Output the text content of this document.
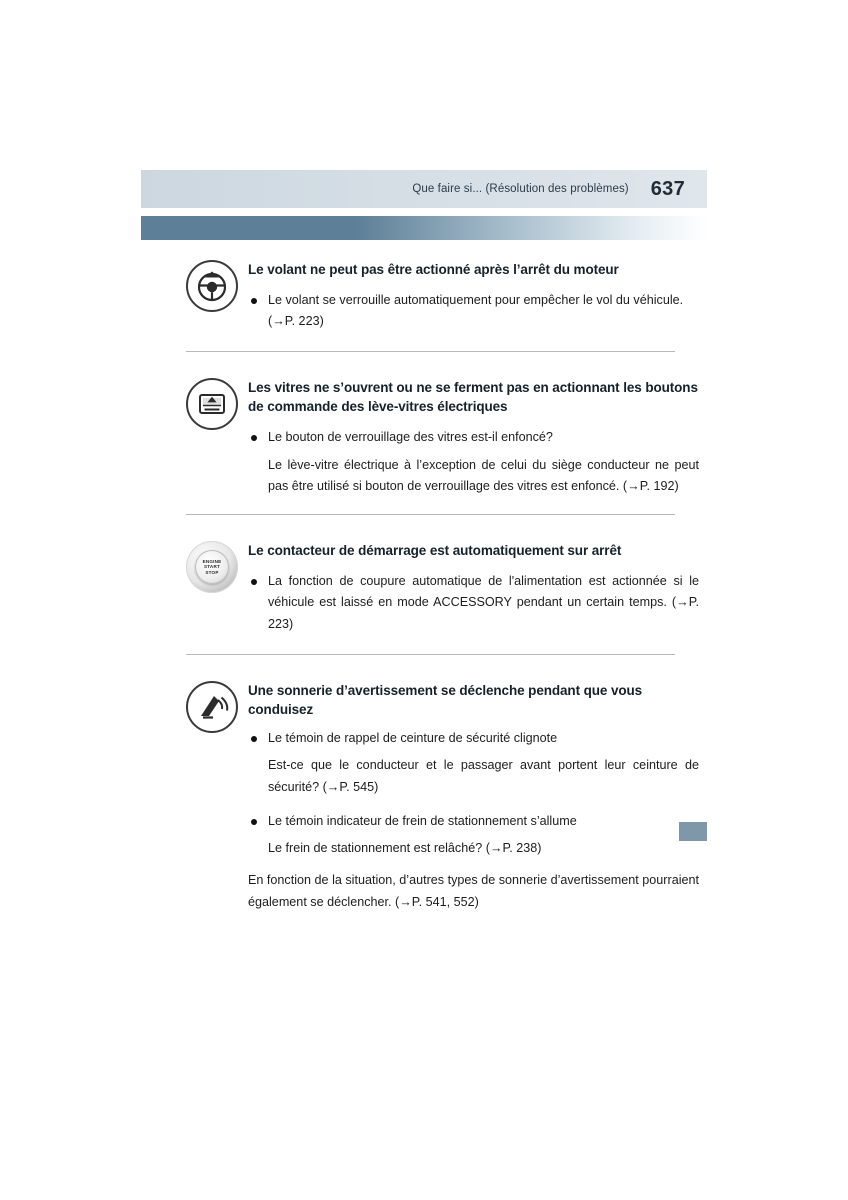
Que faire si... (Résolution des problèmes) 637
Le volant ne peut pas être actionné après l’arrêt du moteur
Le volant se verrouille automatiquement pour empêcher le vol du véhicule. (→P. 223)
Les vitres ne s’ouvrent ou ne se ferment pas en actionnant les boutons de commande des lève-vitres électriques
Le bouton de verrouillage des vitres est-il enfoncé?
Le lève-vitre électrique à l’exception de celui du siège conducteur ne peut pas être utilisé si bouton de verrouillage des vitres est enfoncé. (→P. 192)
ENGINE
START
STOP
Le contacteur de démarrage est automatiquement sur arrêt
La fonction de coupure automatique de l'alimentation est actionnée si le véhicule est laissé en mode ACCESSORY pendant un certain temps. (→P. 223)
Une sonnerie d’avertissement se déclenche pendant que vous conduisez
Le témoin de rappel de ceinture de sécurité clignote
Est-ce que le conducteur et le passager avant portent leur ceinture de sécurité? (→P. 545)
Le témoin indicateur de frein de stationnement s’allume
Le frein de stationnement est relâché? (→P. 238)
En fonction de la situation, d’autres types de sonnerie d’avertissement pourraient également se déclencher. (→P. 541, 552)
